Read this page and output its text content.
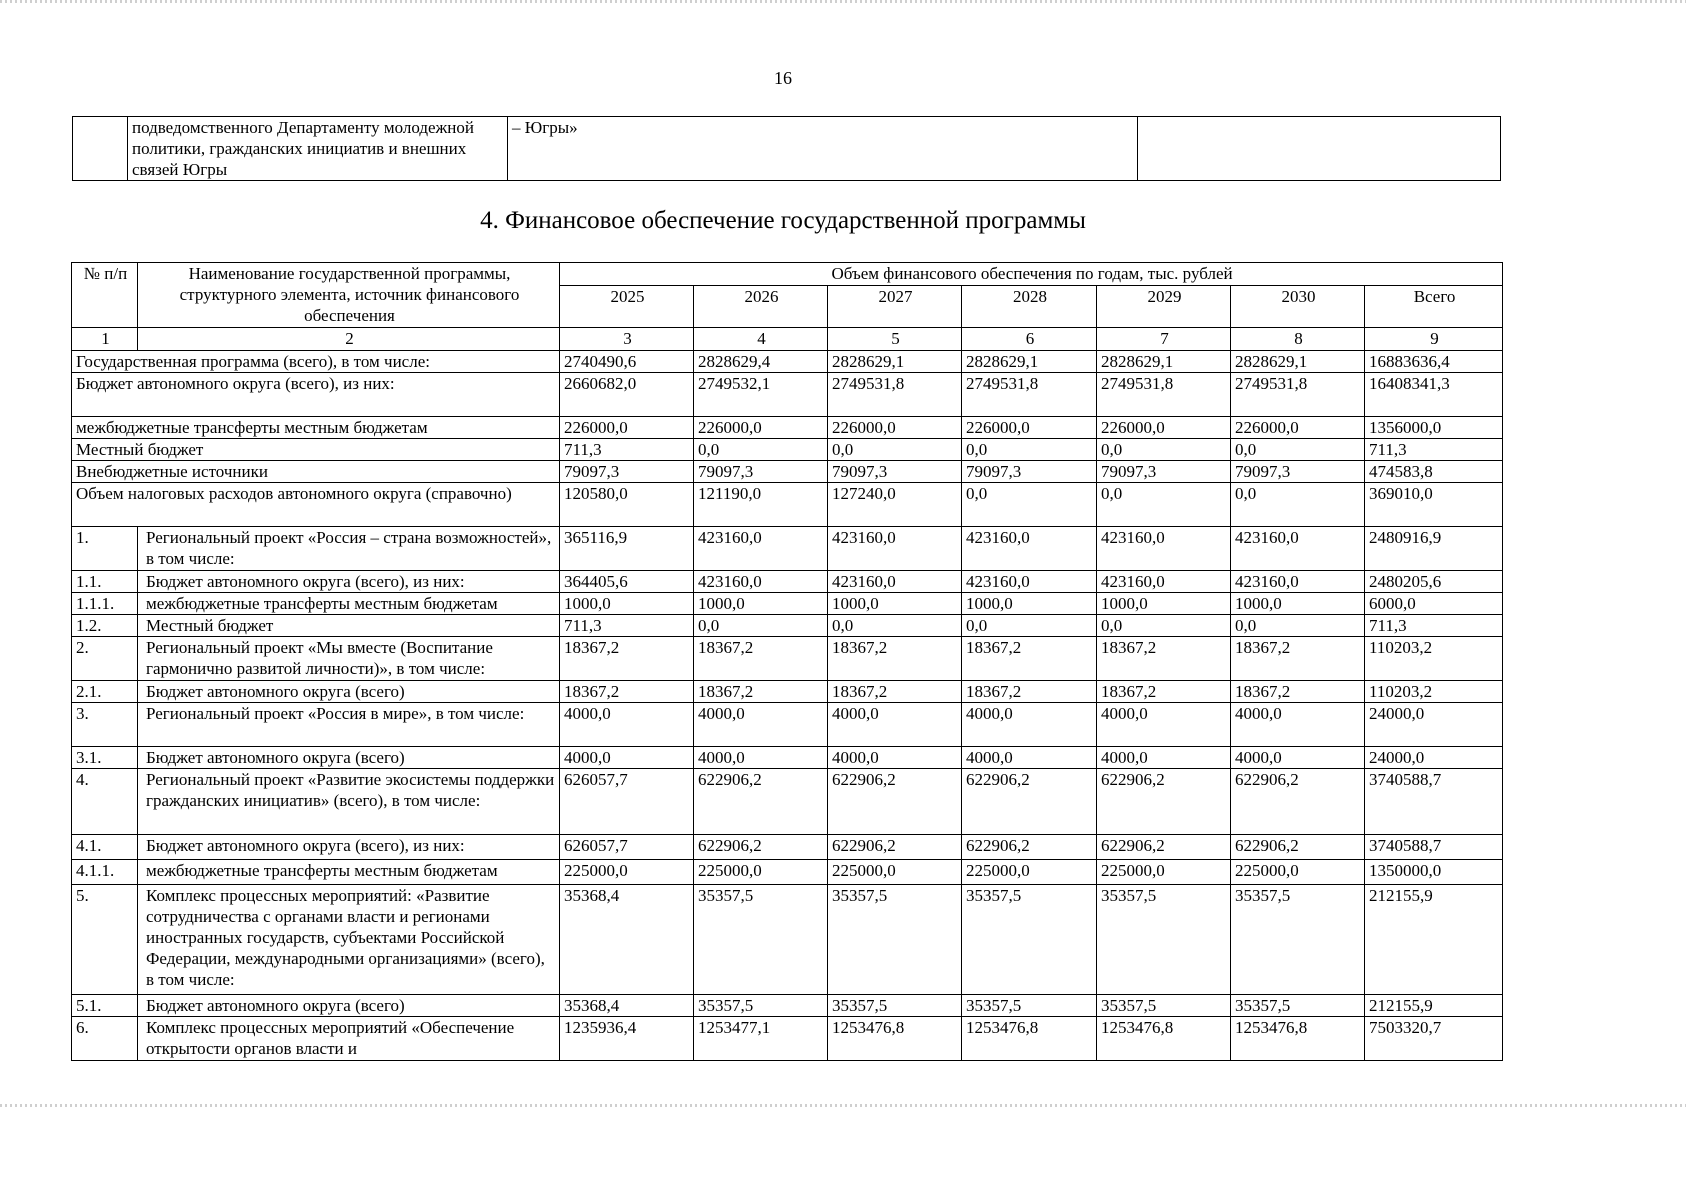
16
	подведомственного Департаменту молодежной политики, гражданских инициатив и внешних связей Югры	– Югры»	
4. Финансовое обеспечение государственной программы
№ п/п	Наименование государственной программы, структурного элемента, источник финансового обеспечения	Объем финансового обеспечения по годам, тыс. рублей						
		2025	2026	2027	2028	2029	2030	Всего
1	2	3	4	5	6	7	8	9
Государственная программа (всего), в том числе:		2740490,6	2828629,4	2828629,1	2828629,1	2828629,1	2828629,1	16883636,4
Бюджет автономного округа (всего), из них:		2660682,0	2749532,1	2749531,8	2749531,8	2749531,8	2749531,8	16408341,3
межбюджетные трансферты местным бюджетам		226000,0	226000,0	226000,0	226000,0	226000,0	226000,0	1356000,0
Местный бюджет		711,3	0,0	0,0	0,0	0,0	0,0	711,3
Внебюджетные источники		79097,3	79097,3	79097,3	79097,3	79097,3	79097,3	474583,8
Объем налоговых расходов автономного округа (справочно)		120580,0	121190,0	127240,0	0,0	0,0	0,0	369010,0
1.	Региональный проект «Россия – страна возможностей», в том числе:	365116,9	423160,0	423160,0	423160,0	423160,0	423160,0	2480916,9
1.1.	Бюджет автономного округа (всего), из них:	364405,6	423160,0	423160,0	423160,0	423160,0	423160,0	2480205,6
1.1.1.	межбюджетные трансферты местным бюджетам	1000,0	1000,0	1000,0	1000,0	1000,0	1000,0	6000,0
1.2.	Местный бюджет	711,3	0,0	0,0	0,0	0,0	0,0	711,3
2.	Региональный проект «Мы вместе (Воспитание гармонично развитой личности)», в том числе:	18367,2	18367,2	18367,2	18367,2	18367,2	18367,2	110203,2
2.1.	Бюджет автономного округа (всего)	18367,2	18367,2	18367,2	18367,2	18367,2	18367,2	110203,2
3.	Региональный проект «Россия в мире», в том числе:	4000,0	4000,0	4000,0	4000,0	4000,0	4000,0	24000,0
3.1.	Бюджет автономного округа (всего)	4000,0	4000,0	4000,0	4000,0	4000,0	4000,0	24000,0
4.	Региональный проект «Развитие экосистемы поддержки гражданских инициатив» (всего), в том числе:	626057,7	622906,2	622906,2	622906,2	622906,2	622906,2	3740588,7
4.1.	Бюджет автономного округа (всего), из них:	626057,7	622906,2	622906,2	622906,2	622906,2	622906,2	3740588,7
4.1.1.	межбюджетные трансферты местным бюджетам	225000,0	225000,0	225000,0	225000,0	225000,0	225000,0	1350000,0
5.	Комплекс процессных мероприятий: «Развитие сотрудничества с органами власти и регионами иностранных государств, субъектами Российской Федерации, международными организациями» (всего), в том числе:	35368,4	35357,5	35357,5	35357,5	35357,5	35357,5	212155,9
5.1.	Бюджет автономного округа (всего)	35368,4	35357,5	35357,5	35357,5	35357,5	35357,5	212155,9
6.	Комплекс процессных мероприятий «Обеспечение открытости органов власти и	1235936,4	1253477,1	1253476,8	1253476,8	1253476,8	1253476,8	7503320,7
